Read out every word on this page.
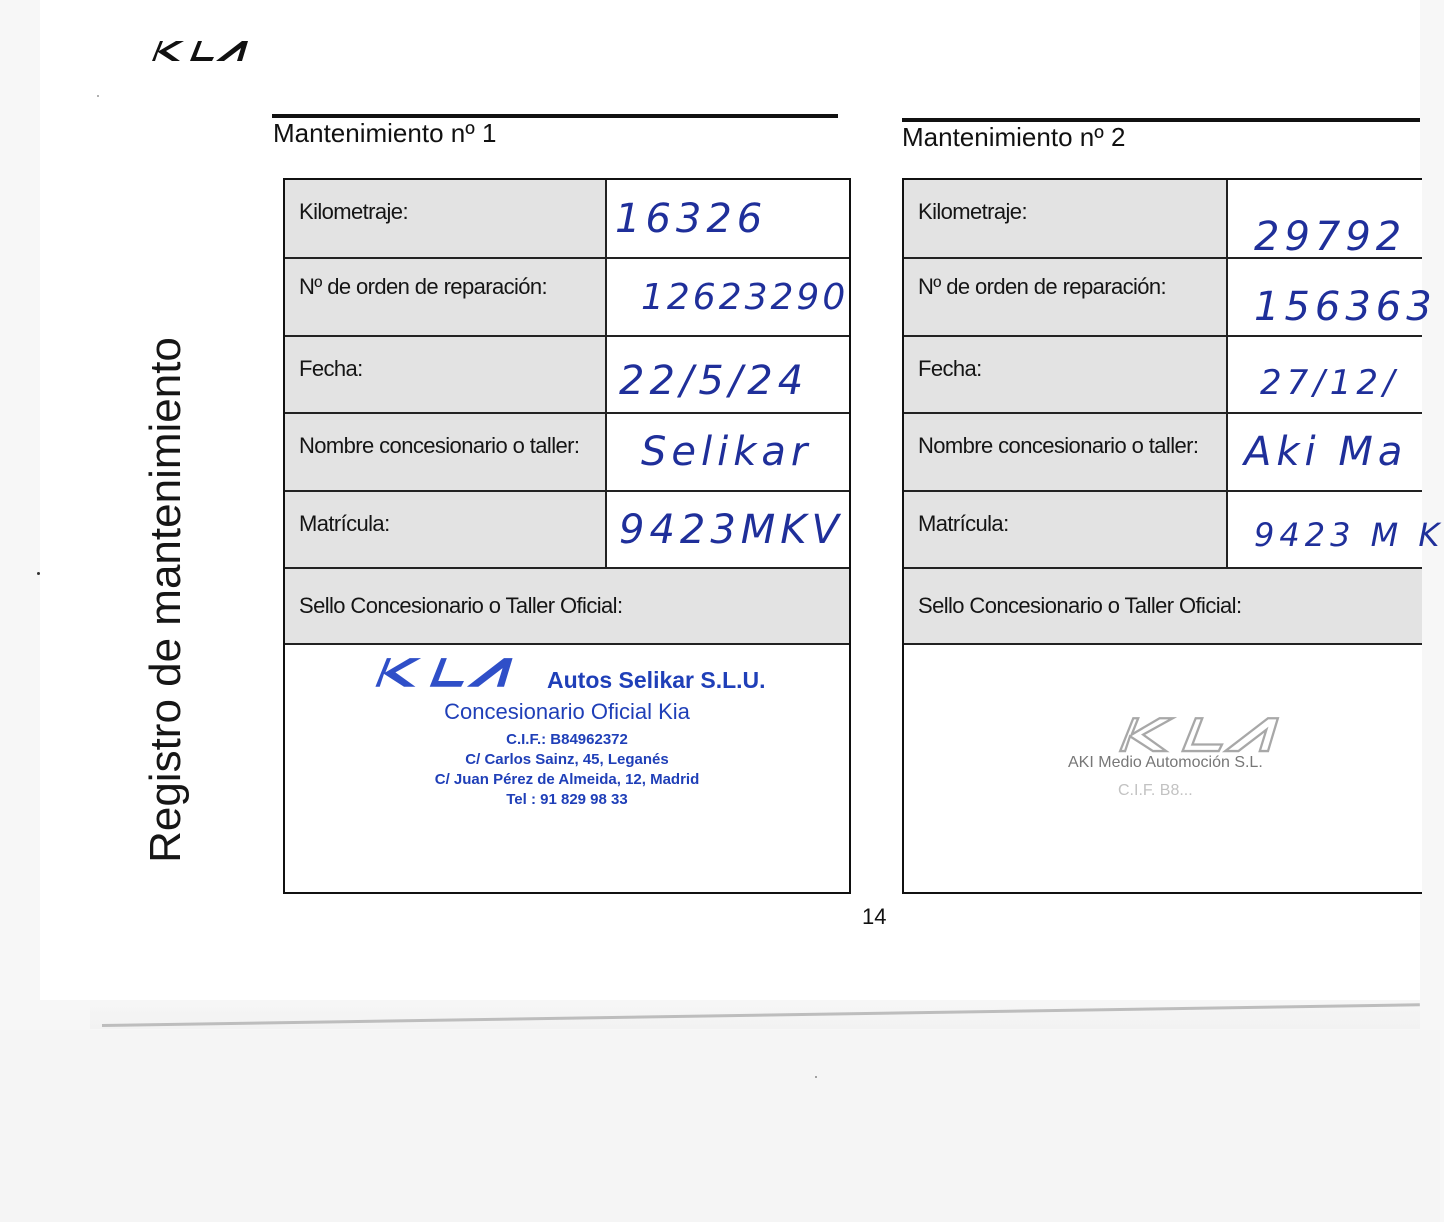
Registro de mantenimiento
Mantenimiento nº 1
Kilometraje:	16326
Nº de orden de reparación:	12623290
Fecha:	22/5/24
Nombre concesionario o taller:	Selikar
Matrícula:	9423MKV
Sello Concesionario o Taller Oficial:
Autos Selikar S.L.U.
Concesionario Oficial Kia
C.I.F.: B84962372
C/ Carlos Sainz, 45, Leganés
C/ Juan Pérez de Almeida, 12, Madrid
Tel : 91 829 98 33
Mantenimiento nº 2
Kilometraje:
29792
Nº de orden de reparación:	156363
Fecha:	27/12/
Nombre concesionario o taller:	Aki Ma
Matrícula:	9423 M K
Sello Concesionario o Taller Oficial:
AKI Medio Automoción S.L.
C.I.F. B8...
14
